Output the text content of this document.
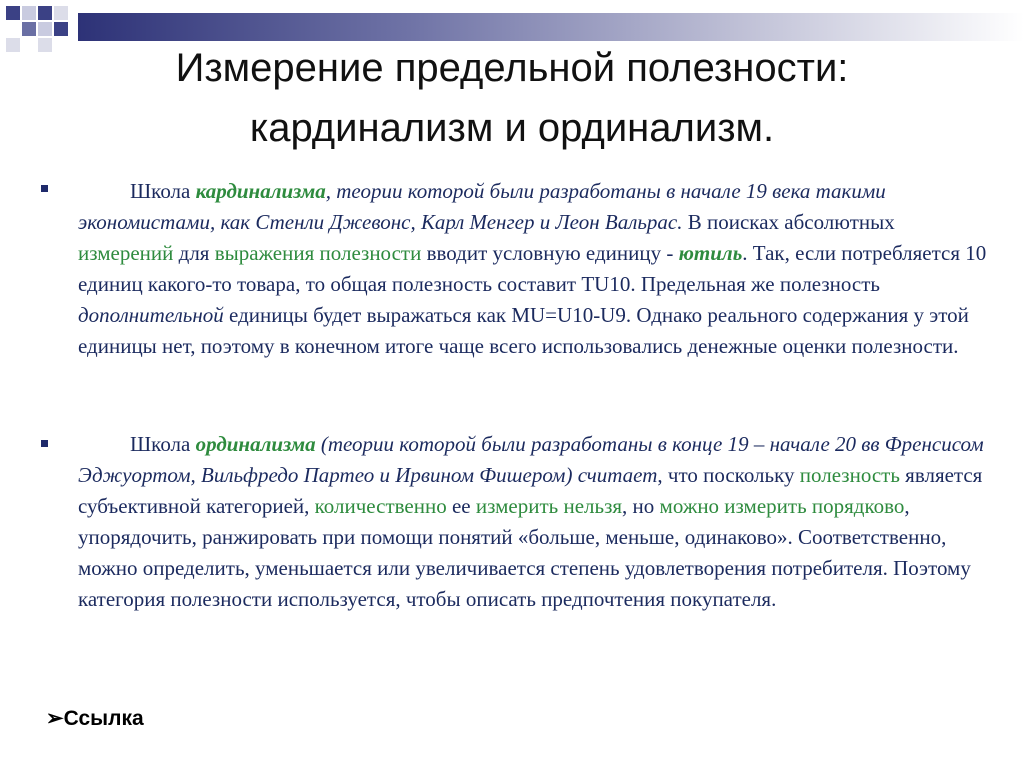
Измерение предельной полезности:
кардинализм и ординализм.
Школа кардинализма, теории которой были разработаны в начале 19 века такими экономистами, как Стенли Джевонс, Карл Менгер и Леон Вальрас. В поисках абсолютных измерений для выражения полезности вводит условную единицу - ютиль. Так, если потребляется 10 единиц какого-то товара, то общая полезность составит TU10. Предельная же полезность дополнительной единицы будет выражаться как MU=U10-U9. Однако реального содержания у этой единицы нет, поэтому в конечном итоге чаще всего использовались денежные оценки полезности.
Школа ординализма (теории которой были разработаны в конце 19 – начале 20 вв Френсисом Эджуортом, Вильфредо Партео и Ирвином Фишером) считает, что поскольку полезность является субъективной категорией, количественно ее измерить нельзя, но можно измерить порядково, упорядочить, ранжировать при помощи понятий «больше, меньше, одинаково». Соответственно, можно определить, уменьшается или увеличивается степень удовлетворения потребителя. Поэтому категория полезности используется, чтобы описать предпочтения покупателя.
➢Ссылка
